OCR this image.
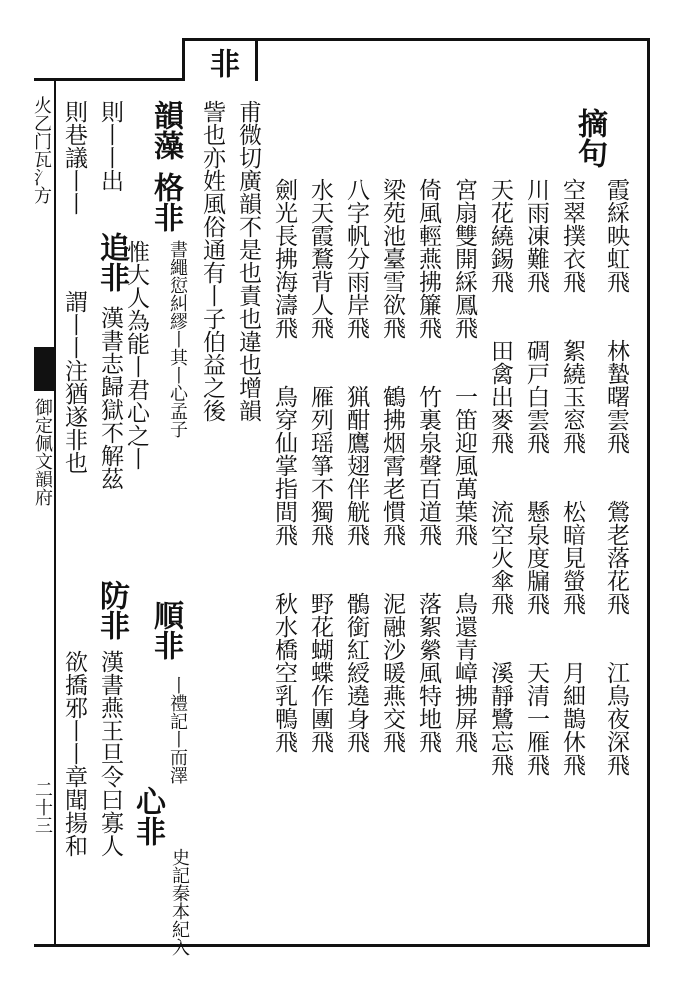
非
火乙门瓦氵方
御定佩文韻府
二十三
摘句
霞綵映虹飛　　林蟄曙雲飛　　鶯老落花飛　　江鳥夜深飛
空翠撲衣飛　　絮繞玉窓飛　　松暗見螢飛　　月細鵲休飛
川雨凍難飛　　碉戸白雲飛　　懸泉度牖飛　　天清一雁飛
天花繞錫飛　　田禽出麥飛　　流空火傘飛　　溪靜鷺忘飛
宮扇雙開綵鳳飛　　一笛迎風萬葉飛　　鳥還青嶂拂屏飛
倚風輕燕拂簾飛　　竹裏泉聲百道飛　　落絮縈風特地飛
梁苑池臺雪欲飛　　鶴拂烟霄老慣飛　　泥融沙暖燕交飛
八字帆分雨岸飛　　猟酣鷹翅伴觥飛　　鶻銜紅綬遶身飛
水天霞鶩背人飛　　雁列瑶箏不獨飛　　野花蝴蝶作團飛
劍光長拂海濤飛　　鳥穿仙掌指間飛　　秋水橋空乳鴨飛
甫微切廣韻不是也責也違也增韻
訾也亦姓風俗通有丨子伯益之後
韻藻
格非
書繩愆糾繆丨其丨心孟子
順非
惟大人為能丨君心之丨
丨禮記丨而澤
心非
史記秦本紀入
則丨丨出
追非
漢書志歸獄不解茲
防非
漢書燕王旦令曰寡人
則巷議丨丨
謂丨丨注猶遂非也
欲撟邪丨丨章聞揚和
